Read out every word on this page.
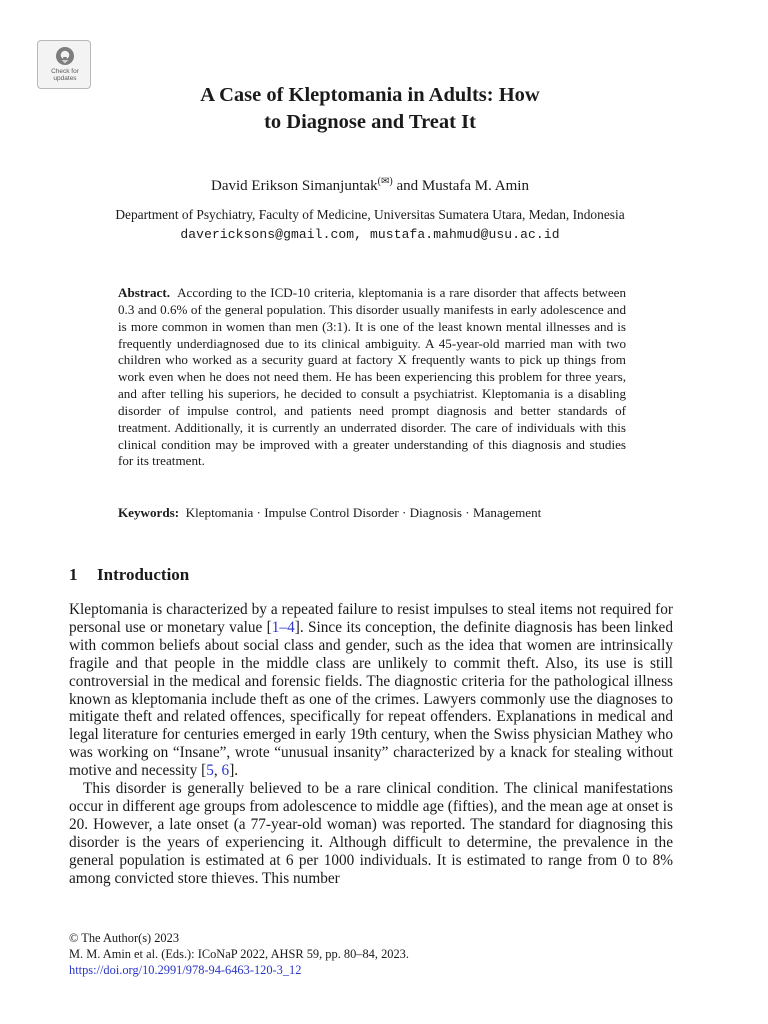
Check for
updates
A Case of Kleptomania in Adults: How
to Diagnose and Treat It
David Erikson Simanjuntak(✉) and Mustafa M. Amin
Department of Psychiatry, Faculty of Medicine, Universitas Sumatera Utara, Medan, Indonesia
davericksons@gmail.com, mustafa.mahmud@usu.ac.id
Abstract. According to the ICD-10 criteria, kleptomania is a rare disorder that affects between 0.3 and 0.6% of the general population. This disorder usually manifests in early adolescence and is more common in women than men (3:1). It is one of the least known mental illnesses and is frequently underdiagnosed due to its clinical ambiguity. A 45-year-old married man with two children who worked as a security guard at factory X frequently wants to pick up things from work even when he does not need them. He has been experiencing this problem for three years, and after telling his superiors, he decided to consult a psychiatrist. Kleptomania is a disabling disorder of impulse control, and patients need prompt diagnosis and better standards of treatment. Additionally, it is currently an underrated disorder. The care of individuals with this clinical condition may be improved with a greater understanding of this diagnosis and studies for its treatment.
Keywords: Kleptomania · Impulse Control Disorder · Diagnosis · Management
1 Introduction

Kleptomania is characterized by a repeated failure to resist impulses to steal items not required for personal use or monetary value [1–4]. Since its conception, the definite diagnosis has been linked with common beliefs about social class and gender, such as the idea that women are intrinsically fragile and that people in the middle class are unlikely to commit theft. Also, its use is still controversial in the medical and forensic fields. The diagnostic criteria for the pathological illness known as kleptomania include theft as one of the crimes. Lawyers commonly use the diagnoses to mitigate theft and related offences, specifically for repeat offenders. Explanations in medical and legal literature for centuries emerged in early 19th century, when the Swiss physician Mathey who was working on “Insane”, wrote “unusual insanity” characterized by a knack for stealing without motive and necessity [5, 6].

This disorder is generally believed to be a rare clinical condition. The clinical manifestations occur in different age groups from adolescence to middle age (fifties), and the mean age at onset is 20. However, a late onset (a 77-year-old woman) was reported. The standard for diagnosing this disorder is the years of experiencing it. Although difficult to determine, the prevalence in the general population is estimated at 6 per 1000 individuals. It is estimated to range from 0 to 8% among convicted store thieves. This number

© The Author(s) 2023
M. M. Amin et al. (Eds.): ICoNaP 2022, AHSR 59, pp. 80–84, 2023.
https://doi.org/10.2991/978-94-6463-120-3_12
